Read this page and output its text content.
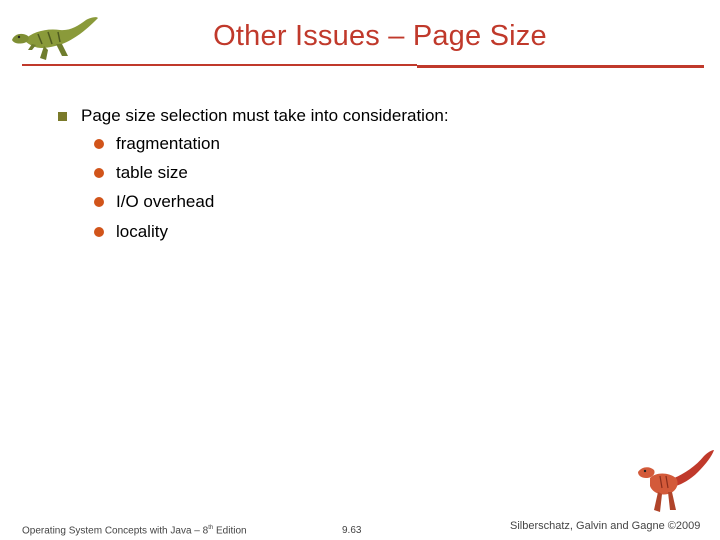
Other Issues – Page Size
Page size selection must take into consideration:
fragmentation
table size
I/O overhead
locality
Operating System Concepts with Java – 8th Edition	9.63	Silberschatz, Galvin and Gagne ©2009
